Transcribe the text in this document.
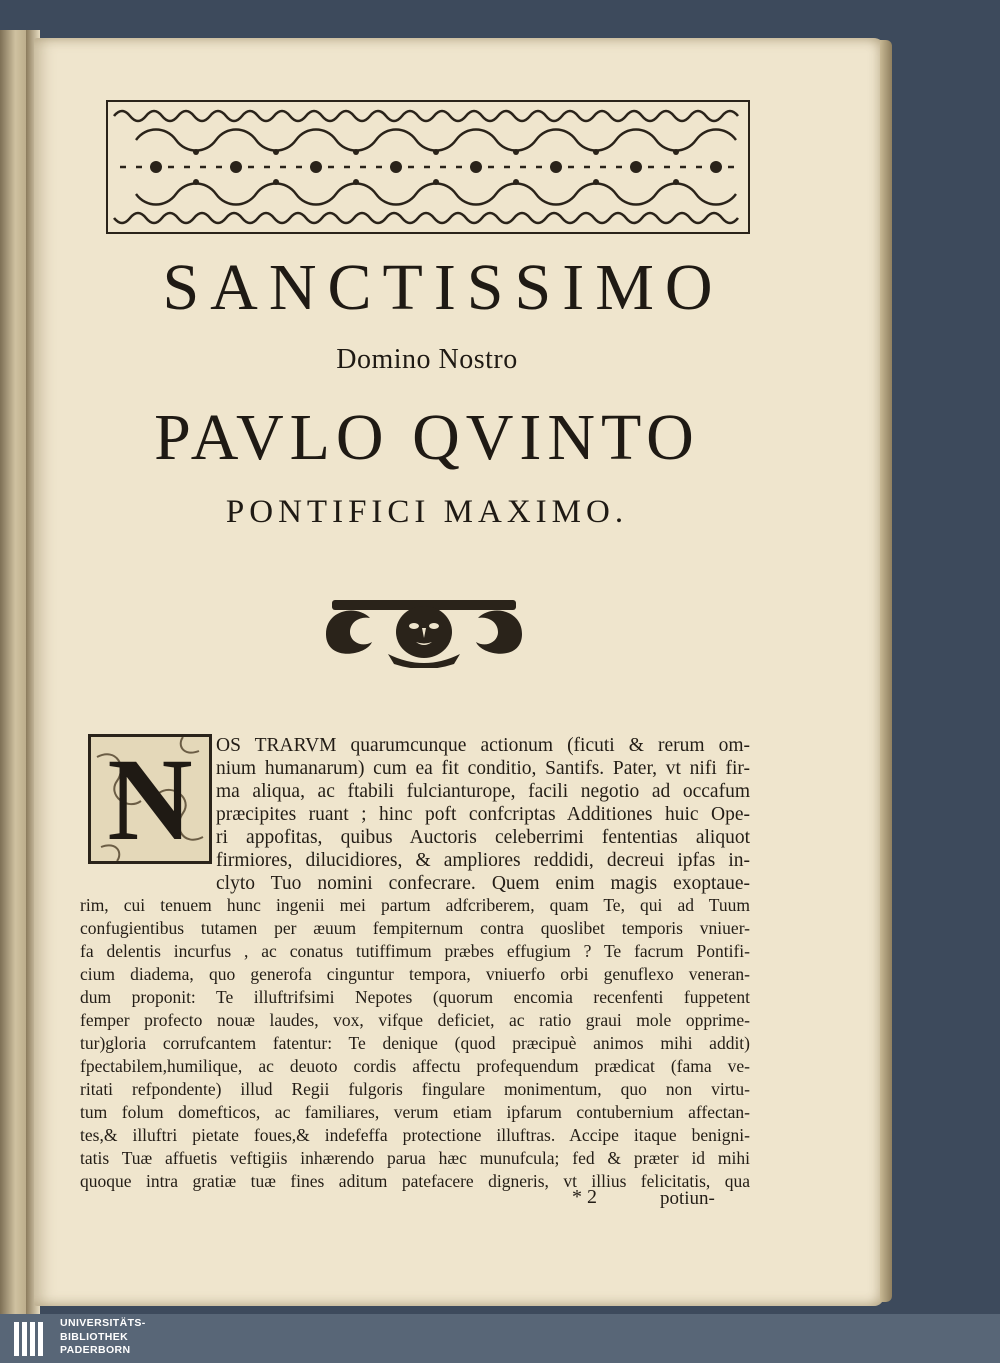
SANCTISSIMO
Domino Nostro
PAVLO QVINTO
PONTIFICI MAXIMO.
N	OS TRARVM quarumcunque actionum (ficuti & rerum om-
nium humanarum) cum ea fit conditio, Santifs. Pater, vt nifi fir-
ma aliqua, ac ftabili fulcianturope, facili negotio ad occafum
præcipites ruant ; hinc poft confcriptas Additiones huic Ope-
ri appofitas, quibus Auctoris celeberrimi fententias aliquot
firmiores, dilucidiores, & ampliores reddidi, decreui ipfas in-
clyto Tuo nomini confecrare. Quem enim magis exoptaue-
rim, cui tenuem hunc ingenii mei partum adfcriberem, quam Te, qui ad Tuum
confugientibus tutamen per æuum fempiternum contra quoslibet temporis vniuer-
fa delentis incurfus , ac conatus tutiffimum præbes effugium ? Te facrum Pontifi-
cium diadema, quo generofa cinguntur tempora, vniuerfo orbi genuflexo veneran-
dum proponit: Te illuftrifsimi Nepotes (quorum encomia recenfenti fuppetent
femper profecto nouæ laudes, vox, vifque deficiet, ac ratio graui mole opprime-
tur)gloria corrufcantem fatentur: Te denique (quod præcipuè animos mihi addit)
fpectabilem,humilique, ac deuoto cordis affectu profequendum prædicat (fama ve-
ritati refpondente) illud Regii fulgoris fingulare monimentum, quo non virtu-
tum folum domefticos, ac familiares, verum etiam ipfarum contubernium affectan-
tes,& illuftri pietate foues,& indefeffa protectione illuftras. Accipe itaque benigni-
tatis Tuæ affuetis veftigiis inhærendo parua hæc munufcula; fed & præter id mihi
quoque intra gratiæ tuæ fines aditum patefacere digneris, vt illius felicitatis, qua
* 2	potiun-
UNIVERSITÄTS-
BIBLIOTHEK
PADERBORN
